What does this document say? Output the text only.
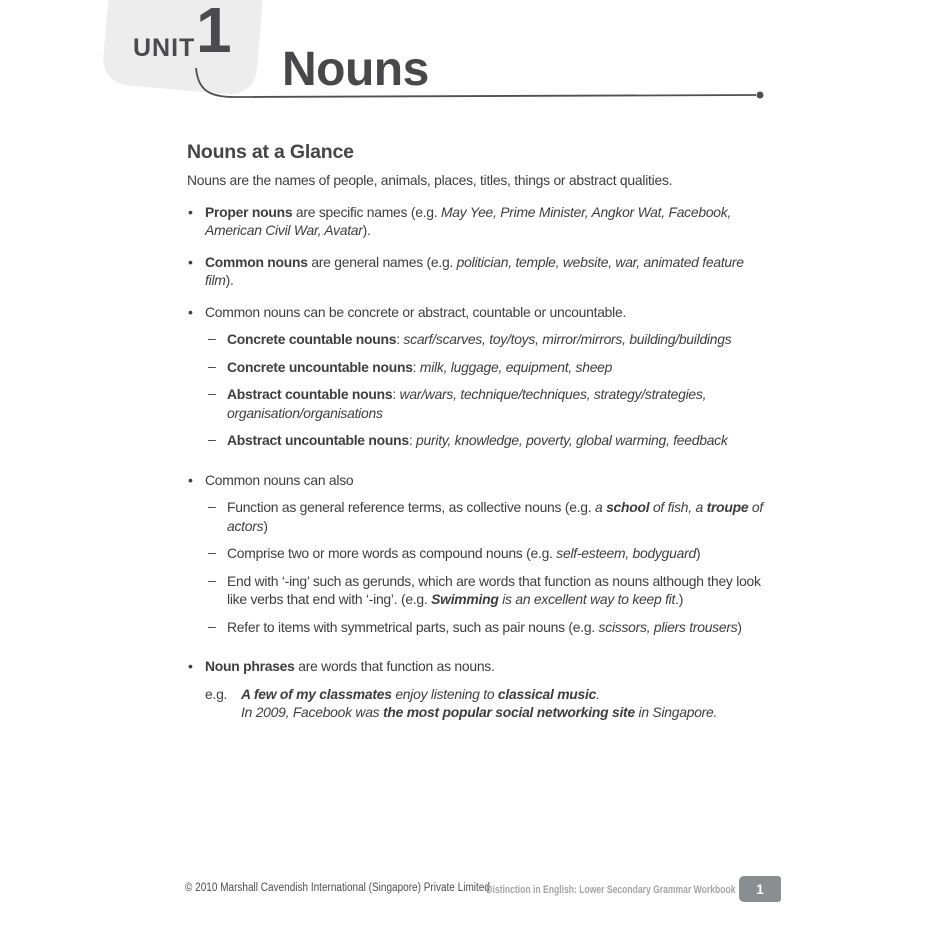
UNIT 1
Nouns
Nouns at a Glance
Nouns are the names of people, animals, places, titles, things or abstract qualities.
• Proper nouns are specific names (e.g. May Yee, Prime Minister, Angkor Wat, Facebook, American Civil War, Avatar).
• Common nouns are general names (e.g. politician, temple, website, war, animated feature film).
• Common nouns can be concrete or abstract, countable or uncountable.
– Concrete countable nouns: scarf/scarves, toy/toys, mirror/mirrors, building/buildings
– Concrete uncountable nouns: milk, luggage, equipment, sheep
– Abstract countable nouns: war/wars, technique/techniques, strategy/strategies, organisation/organisations
– Abstract uncountable nouns: purity, knowledge, poverty, global warming, feedback
• Common nouns can also
– Function as general reference terms, as collective nouns (e.g. a school of fish, a troupe of actors)
– Comprise two or more words as compound nouns (e.g. self-esteem, bodyguard)
– End with ‘-ing’ such as gerunds, which are words that function as nouns although they look like verbs that end with ‘-ing’. (e.g. Swimming is an excellent way to keep fit.)
– Refer to items with symmetrical parts, such as pair nouns (e.g. scissors, pliers trousers)
• Noun phrases are words that function as nouns.
e.g. A few of my classmates enjoy listening to classical music.
In 2009, Facebook was the most popular social networking site in Singapore.
© 2010 Marshall Cavendish International (Singapore) Private Limited
Distinction in English: Lower Secondary Grammar Workbook	1
